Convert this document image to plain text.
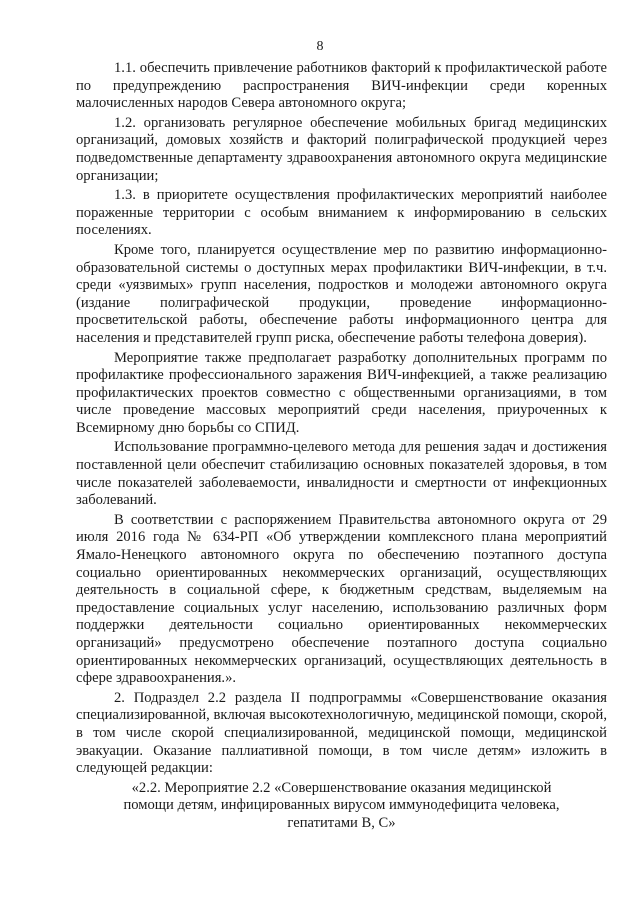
8

1.1. обеспечить привлечение работников факторий к профилактической работе по предупреждению распространения ВИЧ-инфекции среди коренных малочисленных народов Севера автономного округа;

1.2. организовать регулярное обеспечение мобильных бригад медицинских организаций, домовых хозяйств и факторий полиграфической продукцией через подведомственные департаменту здравоохранения автономного округа медицинские организации;

1.3. в приоритете осуществления профилактических мероприятий наиболее пораженные территории с особым вниманием к информированию в сельских поселениях.

Кроме того, планируется осуществление мер по развитию информационно-образовательной системы о доступных мерах профилактики ВИЧ-инфекции, в т.ч. среди «уязвимых» групп населения, подростков и молодежи автономного округа (издание полиграфической продукции, проведение информационно-просветительской работы, обеспечение работы информационного центра для населения и представителей групп риска, обеспечение работы телефона доверия).

Мероприятие также предполагает разработку дополнительных программ по профилактике профессионального заражения ВИЧ-инфекцией, а также реализацию профилактических проектов совместно с общественными организациями, в том числе проведение массовых мероприятий среди населения, приуроченных к Всемирному дню борьбы со СПИД.

Использование программно-целевого метода для решения задач и достижения поставленной цели обеспечит стабилизацию основных показателей здоровья, в том числе показателей заболеваемости, инвалидности и смертности от инфекционных заболеваний.

В соответствии с распоряжением Правительства автономного округа от 29 июля 2016 года № 634-РП «Об утверждении комплексного плана мероприятий Ямало-Ненецкого автономного округа по обеспечению поэтапного доступа социально ориентированных некоммерческих организаций, осуществляющих деятельность в социальной сфере, к бюджетным средствам, выделяемым на предоставление социальных услуг населению, использованию различных форм поддержки деятельности социально ориентированных некоммерческих организаций» предусмотрено обеспечение поэтапного доступа социально ориентированных некоммерческих организаций, осуществляющих деятельность в сфере здравоохранения.».

2. Подраздел 2.2 раздела II подпрограммы «Совершенствование оказания специализированной, включая высокотехнологичную, медицинской помощи, скорой, в том числе скорой специализированной, медицинской помощи, медицинской эвакуации. Оказание паллиативной помощи, в том числе детям» изложить в следующей редакции:

«2.2. Мероприятие 2.2 «Совершенствование оказания медицинской
помощи детям, инфицированных вирусом иммунодефицита человека,
гепатитами В, С»
